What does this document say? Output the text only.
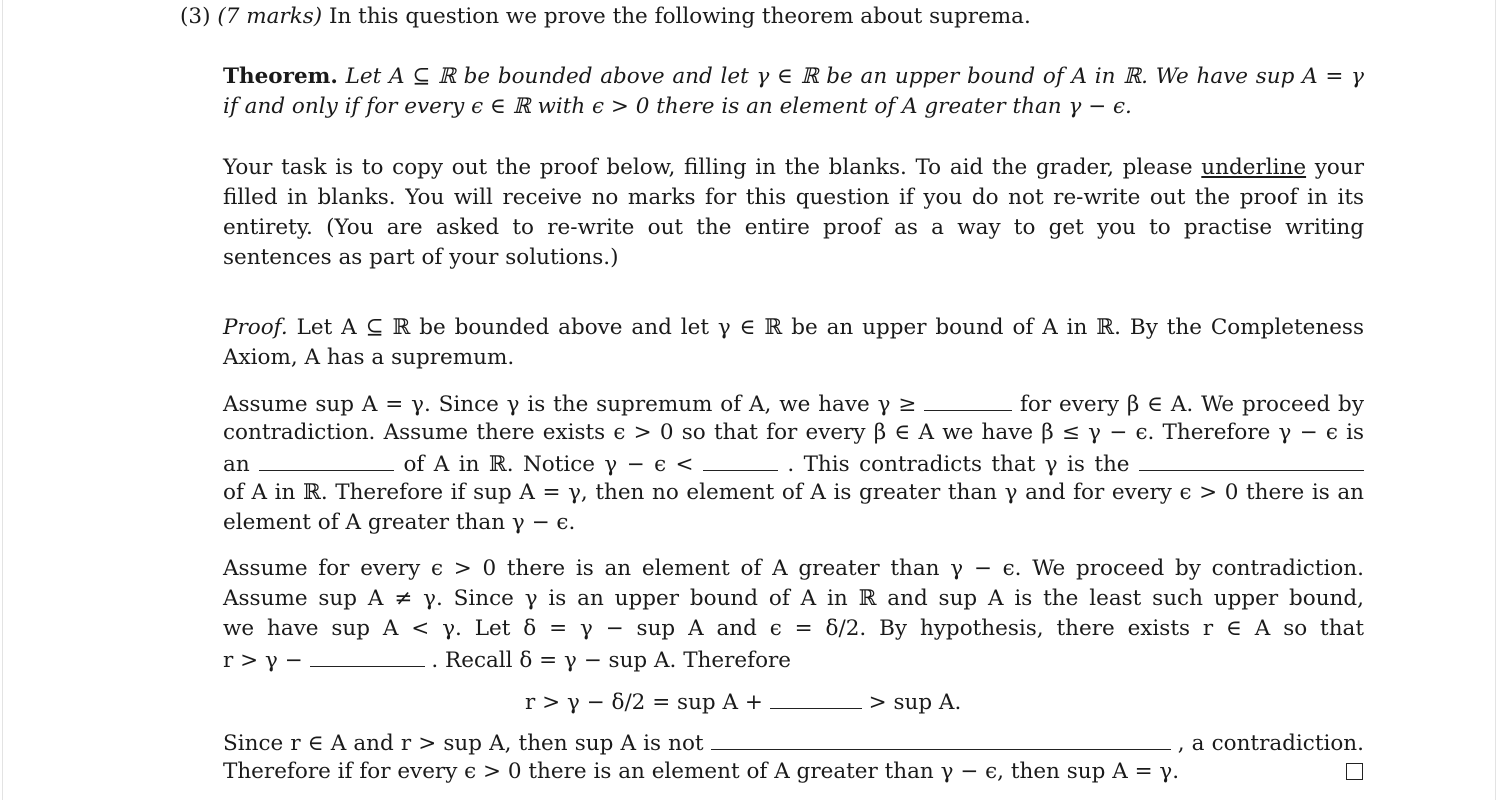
(3) (7 marks) In this question we prove the following theorem about suprema.
Theorem. Let A ⊆ ℝ be bounded above and let γ ∈ ℝ be an upper bound of A in ℝ. We have sup A = γ
if and only if for every ϵ ∈ ℝ with ϵ > 0 there is an element of A greater than γ − ϵ.
Your task is to copy out the proof below, filling in the blanks. To aid the grader, please underline your filled in blanks. You will receive no marks for this question if you do not re-write out the proof in its entirety. (You are asked to re-write out the entire proof as a way to get you to practise writing sentences as part of your solutions.)
Proof. Let A ⊆ ℝ be bounded above and let γ ∈ ℝ be an upper bound of A in ℝ. By the Completeness Axiom, A has a supremum.
Assume sup A = γ. Since γ is the supremum of A, we have γ ≥	for every β ∈ A. We proceed by
contradiction. Assume there exists ϵ > 0 so that for every β ∈ A we have β ≤ γ − ϵ. Therefore γ − ϵ is
an	of A in ℝ. Notice γ − ϵ <	. This contradicts that γ is the
of A in ℝ. Therefore if sup A = γ, then no element of A is greater than γ and for every ϵ > 0 there is an
element of A greater than γ − ϵ.
Assume for every ϵ > 0 there is an element of A greater than γ − ϵ. We proceed by contradiction.
Assume sup A ≠ γ. Since γ is an upper bound of A in ℝ and sup A is the least such upper bound,
we have sup A < γ. Let δ = γ − sup A and ϵ = δ/2. By hypothesis, there exists r ∈ A so that
r > γ −	. Recall δ = γ − sup A. Therefore
r > γ − δ/2 = sup A +	> sup A.
Since r ∈ A and r > sup A, then sup A is not	, a contradiction.
Therefore if for every ϵ > 0 there is an element of A greater than γ − ϵ, then sup A = γ.
